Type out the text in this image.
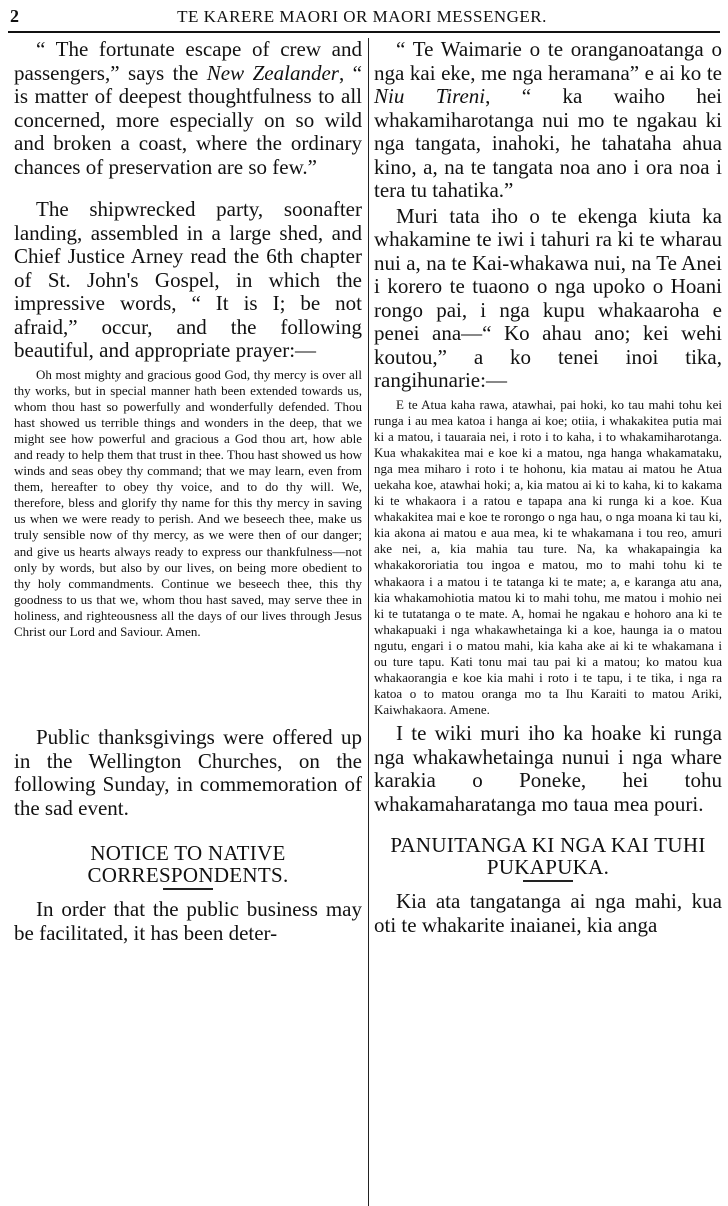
2	TE KARERE MAORI OR MAORI MESSENGER.

“ The fortunate escape of crew and passengers,” says the New Zealander, “ is matter of deepest thoughtfulness to all concerned, more especially on so wild and broken a coast, where the ordinary chances of preservation are so few.”

The shipwrecked party, soonafter landing, assembled in a large shed, and Chief Justice Arney read the 6th chapter of St. John's Gospel, in which the impressive words, “ It is I; be not afraid,” occur, and the following beautiful, and appropriate prayer:—

Oh most mighty and gracious good God, thy mercy is over all thy works, but in special manner hath been extended towards us, whom thou hast so powerfully and wonderfully defended. Thou hast showed us terrible things and wonders in the deep, that we might see how powerful and gracious a God thou art, how able and ready to help them that trust in thee. Thou hast showed us how winds and seas obey thy command; that we may learn, even from them, hereafter to obey thy voice, and to do thy will. We, therefore, bless and glorify thy name for this thy mercy in saving us when we were ready to perish. And we beseech thee, make us truly sensible now of thy mercy, as we were then of our danger; and give us hearts always ready to express our thankfulness—not only by words, but also by our lives, on being more obedient to thy holy commandments. Continue we beseech thee, this thy goodness to us that we, whom thou hast saved, may serve thee in holiness, and righteousness all the days of our lives through Jesus Christ our Lord and Saviour. Amen.

Public thanksgivings were offered up in the Wellington Churches, on the following Sunday, in commemoration of the sad event.

NOTICE TO NATIVE CORRESPONDENTS.

In order that the public business may be facilitated, it has been deter-

“ Te Waimarie o te oranganoatanga o nga kai eke, me nga heramana” e ai ko te Niu Tireni, “ ka waiho hei whakamiharotanga nui mo te ngakau ki nga tangata, inahoki, he tahataha ahua kino, a, na te tangata noa ano i ora noa i tera tu tahatika.”

Muri tata iho o te ekenga kiuta ka whakamine te iwi i tahuri ra ki te wharau nui a, na te Kai-whakawa nui, na Te Anei i korero te tuaono o nga upoko o Hoani rongo pai, i nga kupu whakaaroha e penei ana—“ Ko ahau ano; kei wehi koutou,” a ko tenei inoi tika, rangihunarie:—

E te Atua kaha rawa, atawhai, pai hoki, ko tau mahi tohu kei runga i au mea katoa i hanga ai koe; otiia, i whakakitea putia mai ki a matou, i tauaraia nei, i roto i to kaha, i to whakamiharotanga. Kua whakakitea mai e koe ki a matou, nga hanga whakamataku, nga mea miharo i roto i te hohonu, kia matau ai matou he Atua uekaha koe, atawhai hoki; a, kia matou ai ki to kaha, ki to kakama ki te whakaora i a ratou e tapapa ana ki runga ki a koe. Kua whakakitea mai e koe te rorongo o nga hau, o nga moana ki tau ki, kia akona ai matou e aua mea, ki te whakamana i tou reo, amuri ake nei, a, kia mahia tau ture. Na, ka whakapaingia ka whakakororiatia tou ingoa e matou, mo to mahi tohu ki te whakaora i a matou i te tatanga ki te mate; a, e karanga atu ana, kia whakamohiotia matou ki to mahi tohu, me matou i mohio nei ki te tutatanga o te mate. A, homai he ngakau e hohoro ana ki te whakapuaki i nga whakawhetainga ki a koe, haunga ia o matou ngutu, engari i o matou mahi, kia kaha ake ai ki te whakamana i ou ture tapu. Kati tonu mai tau pai ki a matou; ko matou kua whakaorangia e koe kia mahi i roto i te tapu, i te tika, i nga ra katoa o to matou oranga mo ta Ihu Karaiti to matou Ariki, Kaiwhakaora. Amene.

I te wiki muri iho ka hoake ki runga nga whakawhetainga nunui i nga whare karakia o Poneke, hei tohu whakamaharatanga mo taua mea pouri.

PANUITANGA KI NGA KAI TUHI PUKAPUKA.

Kia ata tangatanga ai nga mahi, kua oti te whakarite inaianei, kia anga
